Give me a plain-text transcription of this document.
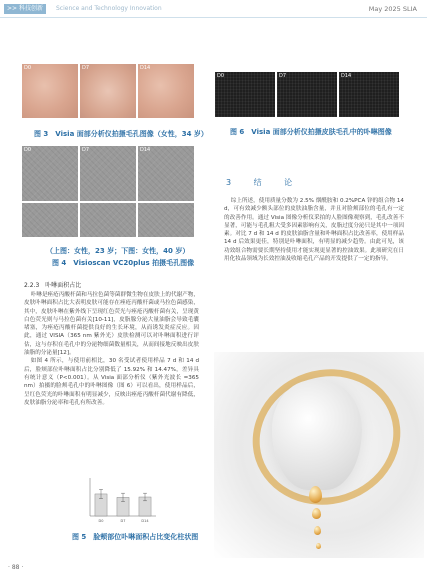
>> 科技创新	Science and Technology Innovation	May 2025 SLIA
D0	D7	D14
图 3　Visia 面部分析仪拍摄毛孔图像（女性，34 岁）
D0	D7	D14
（上图：女性，23 岁；下图：女性，40 岁）
图 4　Visioscan VC20plus 拍摄毛孔图像
2.2.3　卟啉面积占比

卟啉是痤疮丙酸杆菌和马拉色菌等菌群微生物在皮肤上的代谢产物，皮肤卟啉面积占比大表明皮肤可能存在痤疮丙酸杆菌或马拉色菌感染，其中，皮肤卟啉在紫外线下呈现红色荧光与痤疮丙酸杆菌有关，呈现黄白色荧光则与马拉色菌有关[10-11]，皮脂腺分泌大量油脂会导致毛囊堵塞，为痤疮丙酸杆菌提供良好的生长环境，从而诱发炎症反应。因此，通过 VISIA（365 nm 紫外光）皮肤检测可以对卟啉面积进行评估，这与存积在毛孔中的分泌物细菌数量相关，从而间接地反映出皮肤油脂的分泌量[12]。

如图 4 所示，与使用前相比，30 名受试者使用样品 7 d 和 14 d 后，脸颊部位卟啉面积占比分别降低了 15.92% 和 14.47%，差异具有统计意义（P<0.001）。从 Visia 面部分析仪（紫外光波长 =365 nm）拍摄的脸颊毛孔中的卟啉图像（图 6）可以看出，使用样品后，呈红色荧光的卟啉面积有明显减少，反映出痤疮丙酸杆菌代谢有降低，皮肤油脂分泌率和毛孔有所改善。

D0	D7	D14
图 5　脸颊部位卟啉面积占比变化柱状图
D0	D7	D14
图 6　Visia 面部分析仪拍摄皮肤毛孔中的卟啉图像
3 结 论

综上所述，使用质量分数为 2.5% 烟酰胺和 0.2%PCA 锌的组合物 14 d，可有效减少额头部位的皮肤油脂含量，并且对脸颊部位的毛孔有一定的改善作用。通过 Visia 图像分析仪采拍的人脸图像观察到，毛孔改善不显著，可能与毛孔粗大受多因素影响有关，皮脂过度分泌只是其中一项因素。对比 7 d 和 14 d 的皮肤油脂含量和卟啉面积占比改善率，使用样品 14 d 后效果更佳，特别是卟啉面积，有明显的减少趋势。由此可见，该功效组合物需要长期坚持使用才能实现更显著的控油效果。此项研究在日用化妆品领域为长效控油及收缩毛孔产品的开发提供了一定的指导。

· 88 ·
